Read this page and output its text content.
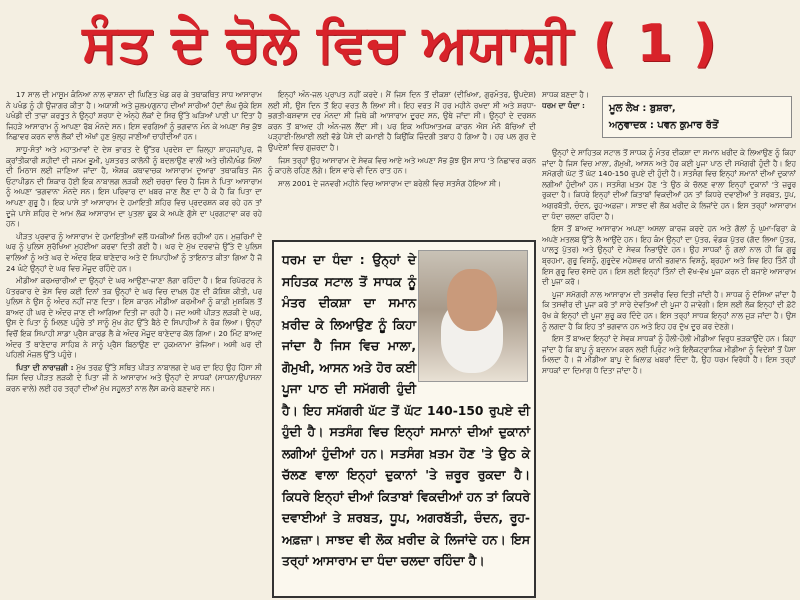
ਸੰਤ ਦੇ ਚੋਲੇ ਵਿਚ ਅਯਾਸ਼ੀ ( 1 )

17 ਸਾਲ ਦੀ ਮਾਸੂਮ ਕੰਨਿਆ ਨਾਲ ਵਾਸ਼ਨਾ ਦੀ ਘਿਣਿਤ ਖੇਡ ਕਰ ਕੇ ਤਥਾਕਥਿਤ ਸਾਧ ਆਸਾਰਾਮ ਨੇ ਪਖੰਡ ਨੂੰ ਹੀ ਉਜਾਗਰ ਕੀਤਾ ਹੈ। ਅਯਾਸ਼ੀ ਅਤੇ ਜ਼ੁਲਮ/ਗੁਨਾਹ ਦੀਆਂ ਸਾਰੀਆਂ ਹੱਦਾਂ ਲੰਘ ਚੁੱਕੇ ਇਸ ਪਖੰਡੀ ਦੀ ਤਾਜ਼ਾ ਕਰਤੂਤ ਨੇ ਉਨ੍ਹਾਂ ਸ਼ਰਧਾ ਦੇ ਅੰਨ੍ਹੇ ਲੋਕਾਂ ਦੇ ਸਿਰ ਉੱਤੇ ਘੜਿਆਂ ਪਾਣੀ ਪਾ ਦਿੱਤਾ ਹੈ ਜਿਹੜੇ ਆਸਾਰਾਮ ਨੂੰ ਆਪਣਾ ਰੱਬ ਮੰਨਦੇ ਸਨ। ਇਸ ਵਰਗਿਆਂ ਨੂੰ ਭਗਵਾਨ ਮੰਨ ਕੇ ਅਪਣਾ ਸੱਭ ਕੁੱਝ ਨਿਛਾਵਰ ਕਰਨ ਵਾਲੇ ਲੋਕਾਂ ਦੀ ਅੱਖਾਂ ਹੁਣ ਖੁੱਲ੍ਹ ਜਾਣੀਆਂ ਚਾਹੀਦੀਆਂ ਹਨ।

ਸਾਧੂ-ਸੰਤਾਂ ਅਤੇ ਮਹਾਤਮਾਵਾਂ ਦੇ ਦੇਸ਼ ਭਾਰਤ ਦੇ ਉੱਤਰ ਪ੍ਰਦੇਸ਼ ਦਾ ਜ਼ਿਲ੍ਹਾ ਸ਼ਾਹਜਹਾਂਪੁਰ, ਜੋ ਕ੍ਰਾਂਤੀਕਾਰੀ ਸ਼ਹੀਦਾਂ ਦੀ ਜਨਮ ਭੂਮੀ, ਪੁਸ਼ਤਰਤ ਕਾਲੋਨੀ ਨੂੰ ਬਦਲਾਉਣ ਵਾਲੀ ਅਤੇ ਚੀਨੀ/ਖੰਡ ਮਿੱਲਾਂ ਦੀ ਮਿਠਾਸ ਲਈ ਜਾਣਿਆ ਜਾਂਦਾ ਹੈ, ਐਸ਼ਕ ਕਥਾਵਾਚਕ ਆਸਾਰਾਮ ਦੁਆਰਾ ਤਥਾਕਥਿਤ ਜੋਨ ਓਟਾਪੀਡਨ ਦੀ ਸ਼ਿਕਾਰ ਹੋਈ ਇਕ ਨਾਬਾਲਗ ਲੜਕੀ ਲਈ ਚਰਚਾ ਵਿਚ ਹੈ ਜਿਸ ਨੇ ਪਿਤਾ ਆਸਾਰਾਮ ਨੂੰ ਅਪਣਾ 'ਭਗਵਾਨ' ਮੰਨਦੇ ਸਨ। ਇਸ ਪਰਿਵਾਰ ਦਾ ਖ਼ਬਰ ਜਾਣ ਲੈਣ ਦਾ ਹੈ ਕੇ ਹੈ ਕਿ ਪਿਤਾ ਦਾ ਆਪਣਾ ਗੁਰੂ ਹੈ। ਇਕ ਪਾਸੇ ਤਾਂ ਆਸਾਰਾਮ ਦੇ ਹਮਾਇਤੀ ਸ਼ਹਿਰ ਵਿਚ ਪ੍ਰਦਰਸ਼ਨ ਕਰ ਰਹੇ ਹਨ ਤਾਂ ਦੂਜੇ ਪਾਸੇ ਸ਼ਹਿਰ ਦੇ ਆਮ ਲੋਕ ਆਸਾਰਾਮ ਦਾ ਪੁਤਲਾ ਫੂਕ ਕੇ ਅਪਣੇ ਗੁੱਸੇ ਦਾ ਪ੍ਰਗਟਾਵਾ ਕਰ ਰਹੇ ਹਨ।

ਪੀੜਤ ਪ੍ਰਵਾਰ ਨੂੰ ਆਸਾਰਾਮ ਦੇ ਹਮਾਇਤੀਆਂ ਵਲੋਂ ਧਮਕੀਆਂ ਮਿਲ ਰਹੀਆਂ ਹਨ। ਮੁਜ਼ਰਿਮਾਂ ਦੇ ਘਰ ਨੂੰ ਪੁਲਿਸ ਸੁਰੱਖਿਆ ਮੁਹਈਆ ਕਰਵਾ ਦਿਤੀ ਗਈ ਹੈ। ਘਰ ਦੇ ਮੁੱਖ ਦਰਵਾਜ਼ੇ ਉੱਤੇ ਦੋ ਪੁਲਿਸ ਵਾਲਿਆਂ ਨੂੰ ਅਤੇ ਘਰ ਦੇ ਅੰਦਰ ਇਕ ਥਾਣੇਦਾਰ ਅਤੇ ਦੋ ਸਿਪਾਹੀਆਂ ਨੂੰ ਤਾਇਨਾਤ ਕੀਤਾ ਗਿਆ ਹੈ ਜੋ 24 ਘੰਟੇ ਉਨ੍ਹਾਂ ਦੇ ਘਰ ਵਿਚ ਮੌਜੂਦ ਰਹਿੰਦੇ ਹਨ।

ਮੀਡੀਆ ਕਰਮਚਾਰੀਆਂ ਦਾ ਉਨ੍ਹਾਂ ਦੇ ਘਰ ਆਉਣਾ-ਜਾਣਾ ਲੱਗਾ ਰਹਿੰਦਾ ਹੈ। ਇਕ ਰਿਪੋਰਟਰ ਨੇ ਪੱਤਰਕਾਰ ਦੇ ਭੇਸ ਵਿਚ ਕਈ ਦਿਨਾਂ ਤਕ ਉਨ੍ਹਾਂ ਦੇ ਘਰ ਵਿਚ ਦਾਖ਼ਲ ਹੋਣ ਦੀ ਕੋਸ਼ਿਸ਼ ਕੀਤੀ, ਪਰ ਪੁਲਿਸ ਨੇ ਉਸ ਨੂੰ ਅੰਦਰ ਨਹੀਂ ਜਾਣ ਦਿਤਾ। ਇਸ ਕਾਰਨ ਮੀਡੀਆ ਕਰਮੀਆਂ ਨੂੰ ਕਾਫ਼ੀ ਮੁਸ਼ਕਿਲ ਤੋਂ ਬਾਅਦ ਹੀ ਘਰ ਦੇ ਅੰਦਰ ਜਾਣ ਦੀ ਆਗਿਆ ਦਿਤੀ ਜਾ ਰਹੀ ਹੈ। ਜਦ ਅਸੀ ਪੀੜਤ ਲੜਕੀ ਦੇ ਘਰ, ਉਸ ਦੇ ਪਿਤਾ ਨੂੰ ਮਿਲਣ ਪਹੁੰਚੇ ਤਾਂ ਸਾਨੂੰ ਮੁੱਖ ਗੇਟ ਉੱਤੇ ਬੈਠੇ ਦੋ ਸਿਪਾਹੀਆਂ ਨੇ ਰੋਕ ਲਿਆ। ਉਨ੍ਹਾਂ ਵਿਚੋਂ ਇਕ ਸਿਪਾਹੀ ਸਾਡਾ ਪ੍ਰੈਸ ਕਾਰਡ ਲੈ ਕੇ ਅੰਦਰ ਮੌਜੂਦ ਥਾਣੇਦਾਰ ਕੋਲ ਗਿਆ। 20 ਮਿੰਟ ਬਾਅਦ ਅੰਦਰ ਤੋਂ ਥਾਣੇਦਾਰ ਸਾਹਿਬ ਨੇ ਸਾਨੂੰ ਪ੍ਰੈਸ ਬਿਠਾਉਣ ਦਾ ਹੁਕਮਨਾਮਾ ਭੇਜਿਆ। ਅਸੀ ਘਰ ਦੀ ਪਹਿਲੀ ਮੰਜ਼ਲ ਉੱਤੇ ਪਹੁੰਚੇ।

ਪਿਤਾ ਦੀ ਨਾਰਾਜ਼ਗੀ : ਮੁੱਖ ਤਰਫ਼ ਉੱਤੇ ਸਥਿਤ ਪੀੜਤ ਨਾਬਾਲਗ ਦੇ ਘਰ ਦਾ ਇਹ ਉਹ ਹਿੱਸਾ ਸੀ ਜਿਸ ਵਿਚ ਪੀੜਤ ਲੜਕੀ ਦੇ ਪਿਤਾ ਜੀ ਨੇ ਆਸਾਰਾਮ ਅਤੇ ਉਨ੍ਹਾਂ ਦੇ ਸਾਧਕਾਂ (ਸਾਧਨਾ/ਉਪਾਸਨਾ ਕਰਨ ਵਾਲੇ) ਲਈ ਹਰ ਤਰ੍ਹਾਂ ਦੀਆਂ ਮੁੱਖ ਸਹੂਲਤਾਂ ਨਾਲ ਲੈਸ ਕਮਰੇ ਬਣਵਾਏ ਸਨ।

ਇਨ੍ਹਾਂ ਅੰਨ-ਜਲ ਪ੍ਰਾਪਤ ਨਹੀਂ ਕਰਦੇ। ਮੈਂ ਜਿਸ ਦਿਨ ਤੋਂ ਦੀਕਸ਼ਾ (ਦੀਖਿਆ, ਗੁਰਮੰਤਰ, ਉਪਦੇਸ਼) ਲਈ ਸੀ, ਉਸ ਦਿਨ ਤੋਂ ਇਹ ਵਰਤ ਲੈ ਲਿਆ ਸੀ। ਇਹ ਵਰਤ ਮੈਂ ਹਰ ਮਹੀਨੇ ਰਖਦਾ ਸੀ ਅਤੇ ਸ਼ਰਧਾ-ਭਗਤੀ-ਬਸ਼ਵਾਸ ਦਰ ਮੰਨਦਾ ਸੀ ਜਿਥੇ ਕੀ ਆਸਾਰਾਮ ਦੂਰਦ ਸਨ, ਉਥੇ ਜਾਂਦਾ ਸੀ। ਉਨ੍ਹਾਂ ਦੇ ਦਰਸ਼ਨ ਕਰਨ ਤੋਂ ਬਾਅਦ ਹੀ ਅੰਨ-ਜਲ ਲੈਂਦਾ ਸੀ। ਪਰ ਇਕ ਅਧਿਆਤਮਕ ਕਾਰਨ ਐਸ ਮੰਨੋ ਬੱਚਿਆਂ ਦੀ ਪੜ੍ਹਾਈ-ਲਿਖਾਈ ਲਈ ਵੱਡੇ ਪੈਸੇ ਦੀ ਕਮਾਈ ਹੈ ਕਿਉਂਕਿ ਜ਼ਿੰਦਗੀ ਤਬਾਹ ਹੋ ਗਿਆ ਹੈ। ਹਰ ਪਲ ਗੁਰ ਦੇ ਉਪਦੇਸ਼ਾਂ ਵਿਚ ਗੁਜ਼ਰਦਾ ਹੈ।

ਜਿਸ ਤਰ੍ਹਾਂ ਉਹ ਆਸਾਰਾਮ ਦੇ ਸੇਵਕ ਵਿਚ ਆਏ ਅਤੇ ਅਪਣਾ ਸੱਭ ਕੁੱਝ ਉਸ ਸਾਧ 'ਤੇ ਨਿਛਾਵਰ ਕਰਨ ਨੂੰ ਕਾਹਲੇ ਰਹਿਣ ਲੱਗੇ। ਇਸ ਵਾਰੇ ਵੀ ਦਿਨ ਰਾਤ ਹਨ।

ਸਾਲ 2001 ਦੇ ਜਨਵਰੀ ਮਹੀਨੇ ਵਿਚ ਆਸਾਰਾਮ ਦਾ ਬਰੇਲੀ ਵਿਚ ਸਤਸੰਗ ਹੋਇਆ ਸੀ।

ਧਰਮ ਦਾ ਧੰਦਾ : ਉਨ੍ਹਾਂ ਦੇ ਸਹਿਤਕ ਸਟਾਲ ਤੋਂ ਸਾਧਕ ਨੂੰ ਮੰਤਰ ਦੀਕਸ਼ਾ ਦਾ ਸਮਾਨ ਖ਼ਰੀਦ ਕੇ ਲਿਆਉਣ ਨੂੰ ਕਿਹਾ ਜਾਂਦਾ ਹੈ ਜਿਸ ਵਿਚ ਮਾਲਾ, ਗੋਮੁਖੀ, ਆਸਨ ਅਤੇ ਹੋਰ ਕਈ ਪੂਜਾ ਪਾਠ ਦੀ ਸਮੱਗਰੀ ਹੁੰਦੀ ਹੈ। ਇਹ ਸਮੱਗਰੀ ਘੱਟ ਤੋਂ ਘੱਟ 140-150 ਰੁਪਏ ਦੀ ਹੁੰਦੀ ਹੈ। ਸਤਸੰਗ ਵਿਚ ਇਨ੍ਹਾਂ ਸਮਾਨਾਂ ਦੀਆਂ ਦੁਕਾਨਾਂ ਲਗੀਆਂ ਹੁੰਦੀਆਂ ਹਨ। ਸਤਸੰਗ ਖ਼ਤਮ ਹੋਣ 'ਤੇ ਉਠ ਕੇ ਚੱਲਣ ਵਾਲਾ ਇਨ੍ਹਾਂ ਦੁਕਾਨਾਂ 'ਤੇ ਜ਼ਰੂਰ ਰੁਕਦਾ ਹੈ। ਕਿਧਰੇ ਇਨ੍ਹਾਂ ਦੀਆਂ ਕਿਤਾਬਾਂ ਵਿਕਦੀਆਂ ਹਨ ਤਾਂ ਕਿਧਰੇ ਦਵਾਈਆਂ ਤੇ ਸ਼ਰਬਤ, ਧੂਪ, ਅਗਰਬੱਤੀ, ਚੰਦਨ, ਰੂਹ-ਅਫ਼ਜ਼ਾ। ਸਾਝਦ ਵੀ ਲੋਕ ਖ਼ਰੀਦ ਕੇ ਲਿਜਾਂਦੇ ਹਨ। ਇਸ ਤਰ੍ਹਾਂ ਆਸਾਰਾਮ ਦਾ ਧੰਦਾ ਚਲਦਾ ਰਹਿੰਦਾ ਹੈ।
ਸਾਧਕ ਬਣਦਾ ਹੈ।
ਧਰਮ ਦਾ ਧੰਦਾ :	ਮੂਲ ਲੇਖ : ਬੁਸ਼ਰਾ,
ਅਨੁਵਾਦਕ : ਪਵਨ ਕੁਮਾਰ ਰੱਤੋਂ

ਉਨ੍ਹਾਂ ਦੇ ਸਾਹਿਤਕ ਸਟਾਲ ਤੋਂ ਸਾਧਕ ਨੂੰ ਮੰਤਰ ਦੀਕਸ਼ਾ ਦਾ ਸਮਾਨ ਖ਼ਰੀਦ ਕੇ ਲਿਆਉਣ ਨੂੰ ਕਿਹਾ ਜਾਂਦਾ ਹੈ ਜਿਸ ਵਿਚ ਮਾਲਾ, ਗੋਮੁਖੀ, ਆਸਨ ਅਤੇ ਹੋਰ ਕਈ ਪੂਜਾ ਪਾਠ ਦੀ ਸਮੱਗਰੀ ਹੁੰਦੀ ਹੈ। ਇਹ ਸਮੱਗਰੀ ਘੱਟ ਤੋਂ ਘੱਟ 140-150 ਰੁਪਏ ਦੀ ਹੁੰਦੀ ਹੈ। ਸਤਸੰਗ ਵਿਚ ਇਨ੍ਹਾਂ ਸਮਾਨਾਂ ਦੀਆਂ ਦੁਕਾਨਾਂ ਲਗੀਆਂ ਹੁੰਦੀਆਂ ਹਨ। ਸਤਸੰਗ ਖ਼ਤਮ ਹੋਣ 'ਤੇ ਉਠ ਕੇ ਚੱਲਣ ਵਾਲਾ ਇਨ੍ਹਾਂ ਦੁਕਾਨਾਂ 'ਤੇ ਜ਼ਰੂਰ ਰੁਕਦਾ ਹੈ। ਕਿਧਰੇ ਇਨ੍ਹਾਂ ਦੀਆਂ ਕਿਤਾਬਾਂ ਵਿਕਦੀਆਂ ਹਨ ਤਾਂ ਕਿਧਰੇ ਦਵਾਈਆਂ ਤੇ ਸ਼ਰਬਤ, ਧੂਪ, ਅਗਰਬੱਤੀ, ਚੰਦਨ, ਰੂਹ-ਅਫ਼ਜ਼ਾ। ਸਾਝਦ ਵੀ ਲੋਕ ਖ਼ਰੀਦ ਕੇ ਲਿਜਾਂਦੇ ਹਨ। ਇਸ ਤਰ੍ਹਾਂ ਆਸਾਰਾਮ ਦਾ ਧੰਦਾ ਚਲਦਾ ਰਹਿੰਦਾ ਹੈ।

ਇਸ ਤੋਂ ਬਾਅਦ ਆਸਾਰਾਮ ਅਪਣਾ ਅਸਲਾ ਕਾਰਜ ਕਰਦੇ ਹਨ ਅਤੇ ਗੋਲਾਂ ਨੂੰ ਘੁਮਾ-ਫਿਰਾ ਕੇ ਅਪਣੇ ਮਤਲਬ ਉੱਤੇ ਲੈ ਆਉਂਦੇ ਹਨ। ਇਹ ਕੰਮ ਉਨ੍ਹਾਂ ਦਾ ਪੁੱਤਰ, ਵੰਡਕ ਪੁੱਤਰ (ਗੋਦ ਲਿਆ ਪੁੱਤਰ, ਪਾਲਤੂ ਪੁੱਤਰ) ਅਤੇ ਉਨ੍ਹਾਂ ਦੇ ਸੇਵਕ ਨਿਭਾਉਂਦੇ ਹਨ। ਉਹ ਸਾਧਕਾਂ ਨੂੰ ਗਲਾਂ ਨਾਲ ਹੀ ਕਿ ਗੁਰੂ ਬ੍ਰਹਮਾ, ਗੁਰੂ ਵਿਸ਼ਨੂੰ, ਗੁਰੂਦੇਵ ਮਹੇਸ਼ਵਰ ਯਾਨੀ ਭਗਵਾਨ ਵਿਸ਼ਨੂੰ, ਬ੍ਰਹਮਾ ਅਤੇ ਸ਼ਿਵ ਇਹ ਤਿੰਨੋਂ ਹੀ ਇਸ ਗੁਰੂ ਵਿਚ ਵੱਸਦੇ ਹਨ। ਇਸ ਲਈ ਇਨ੍ਹਾਂ ਤਿੰਨਾਂ ਦੀ ਵੱਖ-ਵੱਖ ਪੂਜਾ ਕਰਨ ਦੀ ਬਜਾਏ ਆਸਾਰਾਮ ਦੀ ਪੂਜਾ ਕਰੋ।

ਪੂਜਾ ਸਮੱਗਰੀ ਨਾਲ ਆਸਾਰਾਮ ਦੀ ਤਸਵੀਰ ਵਿਚ ਦਿਤੀ ਜਾਂਦੀ ਹੈ। ਸਾਧਕ ਨੂੰ ਦੱਸਿਆ ਜਾਂਦਾ ਹੈ ਕਿ ਤਸਵੀਰ ਦੀ ਪੂਜਾ ਕਰੋ ਤਾਂ ਸਾਰੇ ਦੇਵਤਿਆਂ ਦੀ ਪੂਜਾ ਹੋ ਜਾਵੇਗੀ। ਇਸ ਲਈ ਲੋਕ ਇਨ੍ਹਾਂ ਦੀ ਫ਼ੋਟੋ ਰੱਖ ਕੇ ਇਨ੍ਹਾਂ ਦੀ ਪੂਜਾ ਸ਼ੁਰੂ ਕਰ ਦਿੰਦੇ ਹਨ। ਇਸ ਤਰ੍ਹਾਂ ਸਾਧਕ ਇਨ੍ਹਾਂ ਨਾਲ ਜੁੜ ਜਾਂਦਾ ਹੈ। ਉਸ ਨੂੰ ਲਗਦਾ ਹੈ ਕਿ ਇਹ ਤਾਂ ਭਗਵਾਨ ਹਨ ਅਤੇ ਇਹ ਹਰ ਦੁੱਖ ਦੂਰ ਕਰ ਦੇਣਗੇ।

ਇਸ ਤੋਂ ਬਾਅਦ ਇਨ੍ਹਾਂ ਦੇ ਸੇਵਕ ਸਾਧਕਾਂ ਨੂੰ ਹੌਲੀ-ਹੌਲੀ ਮੀਡੀਆ ਵਿਰੁਧ ਭੜਕਾਉਂਦੇ ਹਨ। ਕਿਹਾ ਜਾਂਦਾ ਹੈ ਕਿ ਬਾਪੂ ਨੂੰ ਬਦਨਾਮ ਕਰਨ ਲਈ ਪ੍ਰਿੰਟ ਅਤੇ ਇਲੈਕਟ੍ਰਾਨਿਕ ਮੀਡੀਆ ਨੂੰ ਵਿਦੇਸ਼ਾਂ ਤੋਂ ਪੈਸਾ ਮਿਲਦਾ ਹੈ। ਜੋ ਮੀਡੀਆ ਬਾਪੂ ਦੇ ਖ਼ਿਲਾਫ਼ ਖ਼ਬਰਾਂ ਦਿੰਦਾ ਹੈ, ਉਹ ਧਰਮ ਵਿਰੋਧੀ ਹੈ। ਇਸ ਤਰ੍ਹਾਂ ਸਾਧਕਾਂ ਦਾ ਦਿਮਾਗ ਧੋ ਦਿਤਾ ਜਾਂਦਾ ਹੈ।
